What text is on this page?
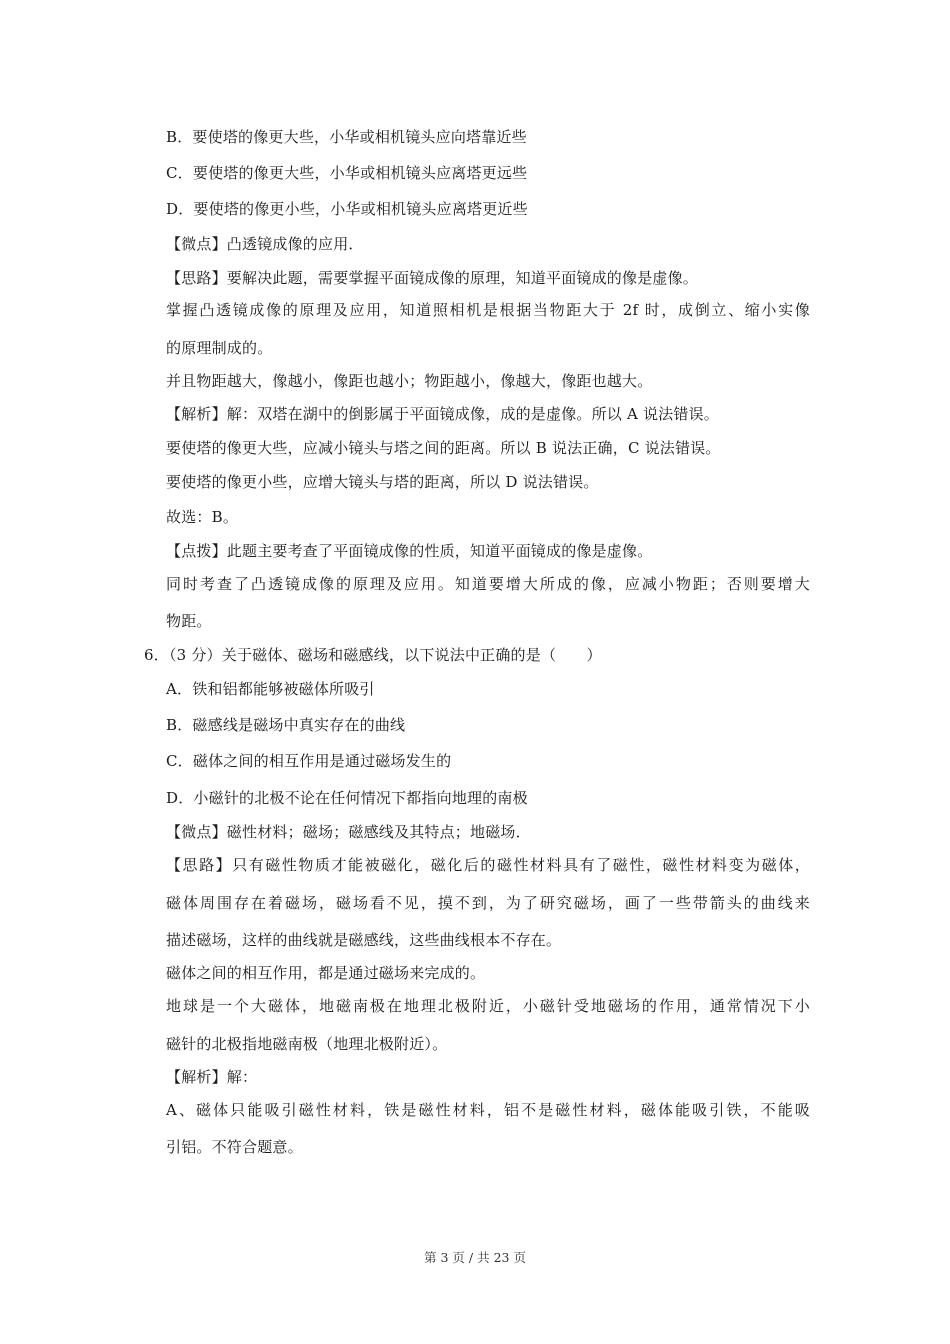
B．要使塔的像更大些，小华或相机镜头应向塔靠近些
C．要使塔的像更大些，小华或相机镜头应离塔更远些
D．要使塔的像更小些，小华或相机镜头应离塔更近些
【微点】凸透镜成像的应用．
【思路】要解决此题，需要掌握平面镜成像的原理，知道平面镜成的像是虚像。
掌握凸透镜成像的原理及应用，知道照相机是根据当物距大于 2f 时，成倒立、缩小实像
的原理制成的。
并且物距越大，像越小，像距也越小；物距越小，像越大，像距也越大。
【解析】解：双塔在湖中的倒影属于平面镜成像，成的是虚像。所以 A 说法错误。
要使塔的像更大些，应减小镜头与塔之间的距离。所以 B 说法正确，C 说法错误。
要使塔的像更小些，应增大镜头与塔的距离，所以 D 说法错误。
故选：B。
【点拨】此题主要考查了平面镜成像的性质，知道平面镜成的像是虚像。
同时考查了凸透镜成像的原理及应用。知道要增大所成的像，应减小物距；否则要增大
物距。
6．（3 分）关于磁体、磁场和磁感线，以下说法中正确的是（　　）
A．铁和铝都能够被磁体所吸引
B．磁感线是磁场中真实存在的曲线
C．磁体之间的相互作用是通过磁场发生的
D．小磁针的北极不论在任何情况下都指向地理的南极
【微点】磁性材料；磁场；磁感线及其特点；地磁场．
【思路】只有磁性物质才能被磁化，磁化后的磁性材料具有了磁性，磁性材料变为磁体，
磁体周围存在着磁场，磁场看不见，摸不到，为了研究磁场，画了一些带箭头的曲线来
描述磁场，这样的曲线就是磁感线，这些曲线根本不存在。
磁体之间的相互作用，都是通过磁场来完成的。
地球是一个大磁体，地磁南极在地理北极附近，小磁针受地磁场的作用，通常情况下小
磁针的北极指地磁南极（地理北极附近）。
【解析】解：
A、磁体只能吸引磁性材料，铁是磁性材料，铝不是磁性材料，磁体能吸引铁，不能吸
引铝。不符合题意。
第 3 页 / 共 23 页
